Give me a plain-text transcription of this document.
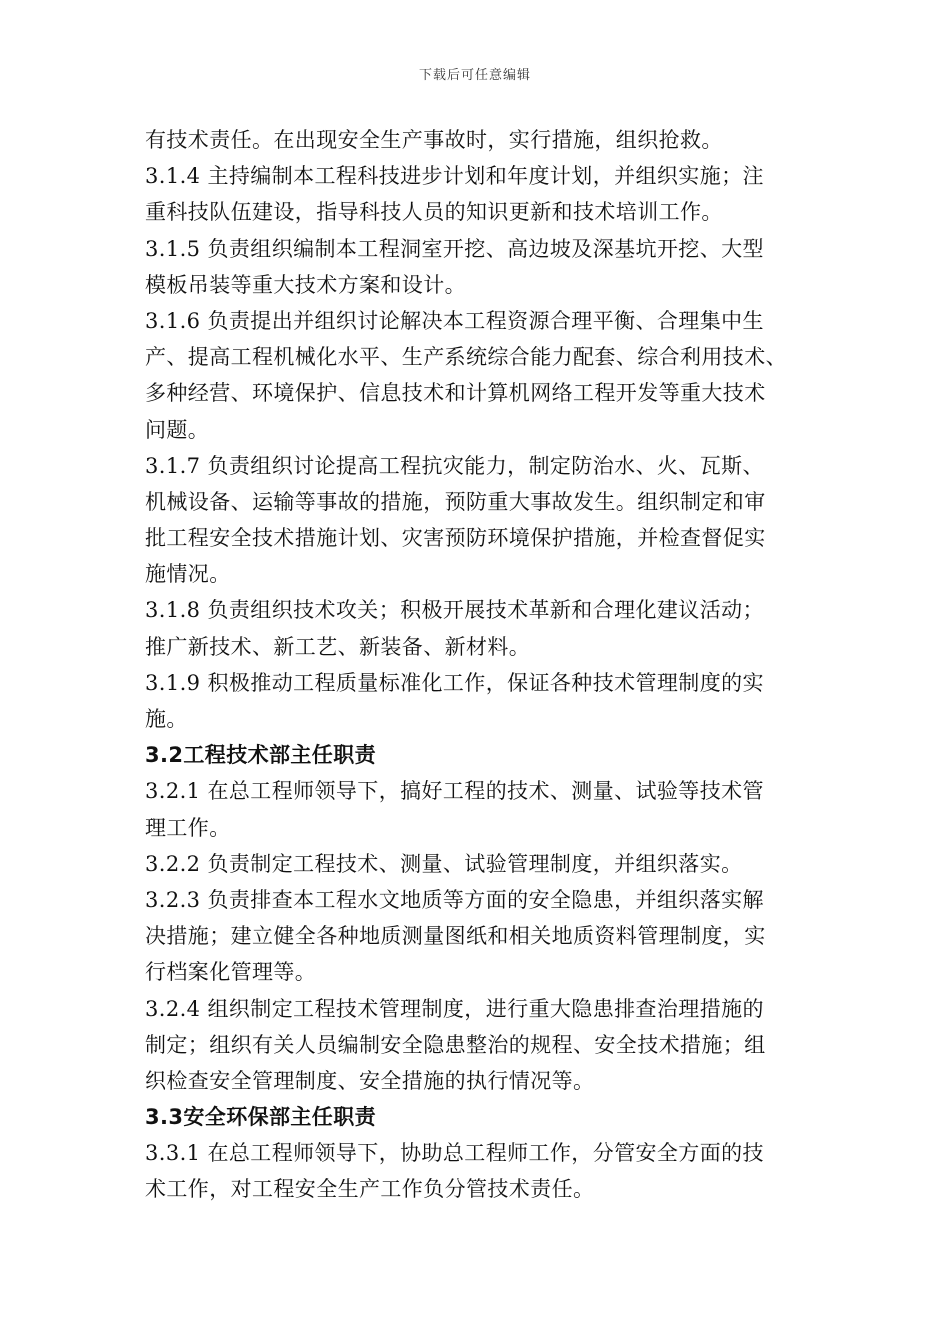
下载后可任意编辑
有技术责任。在出现安全生产事故时，实行措施，组织抢救。
3.1.4 主持编制本工程科技进步计划和年度计划，并组织实施；注
重科技队伍建设，指导科技人员的知识更新和技术培训工作。
3.1.5 负责组织编制本工程洞室开挖、高边坡及深基坑开挖、大型
模板吊装等重大技术方案和设计。
3.1.6 负责提出并组织讨论解决本工程资源合理平衡、合理集中生
产、提高工程机械化水平、生产系统综合能力配套、综合利用技术、
多种经营、环境保护、信息技术和计算机网络工程开发等重大技术
问题。
3.1.7 负责组织讨论提高工程抗灾能力，制定防治水、火、瓦斯、
机械设备、运输等事故的措施，预防重大事故发生。组织制定和审
批工程安全技术措施计划、灾害预防环境保护措施，并检查督促实
施情况。
3.1.8 负责组织技术攻关；积极开展技术革新和合理化建议活动；
推广新技术、新工艺、新装备、新材料。
3.1.9 积极推动工程质量标准化工作，保证各种技术管理制度的实
施。
3.2工程技术部主任职责
3.2.1 在总工程师领导下，搞好工程的技术、测量、试验等技术管
理工作。
3.2.2 负责制定工程技术、测量、试验管理制度，并组织落实。
3.2.3 负责排查本工程水文地质等方面的安全隐患，并组织落实解
决措施；建立健全各种地质测量图纸和相关地质资料管理制度，实
行档案化管理等。
3.2.4 组织制定工程技术管理制度，进行重大隐患排查治理措施的
制定；组织有关人员编制安全隐患整治的规程、安全技术措施；组
织检查安全管理制度、安全措施的执行情况等。
3.3安全环保部主任职责
3.3.1 在总工程师领导下，协助总工程师工作，分管安全方面的技
术工作，对工程安全生产工作负分管技术责任。
